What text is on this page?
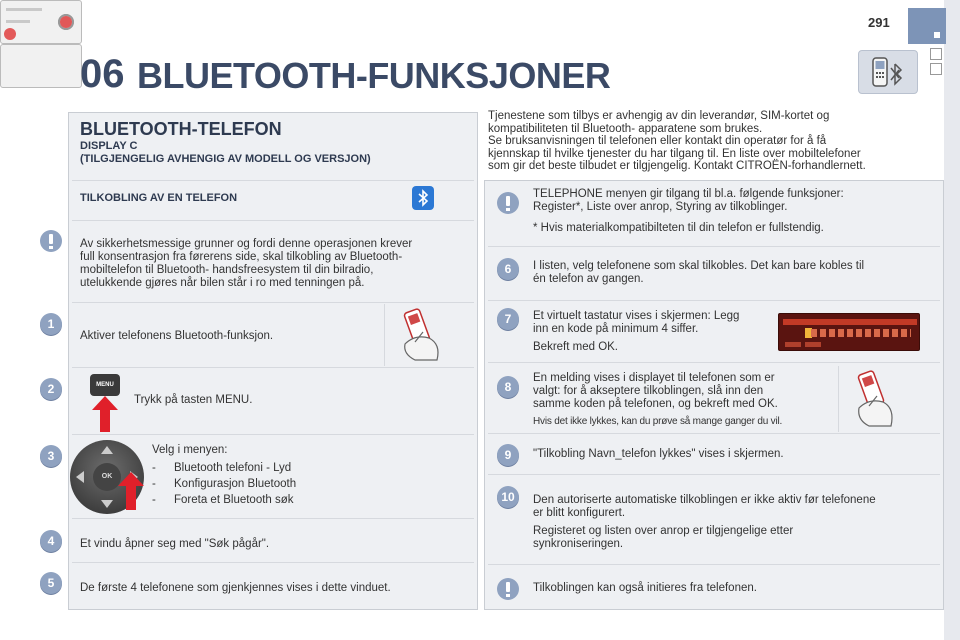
291
06 BLUETOOTH-FUNKSJONER
BLUETOOTH-TELEFON
DISPLAY C
(TILGJENGELIG AVHENGIG AV MODELL OG VERSJON)
Tjenestene som tilbys er avhengig av din leverandør, SIM-kortet og
kompatibiliteten til Bluetooth- apparatene som brukes.
Se bruksanvisningen til telefonen eller kontakt din operatør for å få
kjennskap til hvilke tjenester du har tilgang til. En liste over mobiltelefoner
som gir det beste tilbudet er tilgjengelig. Kontakt CITROËN-forhandlernett.
TILKOBLING AV EN TELEFON
Av sikkerhetsmessige grunner og fordi denne operasjonen krever
full konsentrasjon fra førerens side, skal tilkobling av Bluetooth-
mobiltelefon til Bluetooth- handsfreesystem til din bilradio,
utelukkende gjøres når bilen står i ro med tenningen på.
1
Aktiver telefonens Bluetooth-funksjon.
2	MENU
Trykk på tasten MENU.
3
OK
Velg i menyen:
- Bluetooth telefoni - Lyd
- Konfigurasjon Bluetooth
- Foreta et Bluetooth søk
4	Et vindu åpner seg med "Søk pågår".
5	De første 4 telefonene som gjenkjennes vises i dette vinduet.
TELEPHONE menyen gir tilgang til bl.a. følgende funksjoner:
Register*, Liste over anrop, Styring av tilkoblinger.
* Hvis materialkompatibilteten til din telefon er fullstendig.
6	I listen, velg telefonene som skal tilkobles. Det kan bare kobles til
én telefon av gangen.
7	Et virtuelt tastatur vises i skjermen: Legg
inn en kode på minimum 4 siffer.
Bekreft med OK.
8
En melding vises i displayet til telefonen som er
valgt: for å akseptere tilkoblingen, slå inn den
samme koden på telefonen, og bekreft med OK.
Hvis det ikke lykkes, kan du prøve så mange ganger du vil.
9	"Tilkobling Navn_telefon lykkes" vises i skjermen.
10	Den autoriserte automatiske tilkoblingen er ikke aktiv før telefonene
er blitt konfigurert.
Registeret og listen over anrop er tilgjengelige etter
synkroniseringen.
Tilkoblingen kan også initieres fra telefonen.
